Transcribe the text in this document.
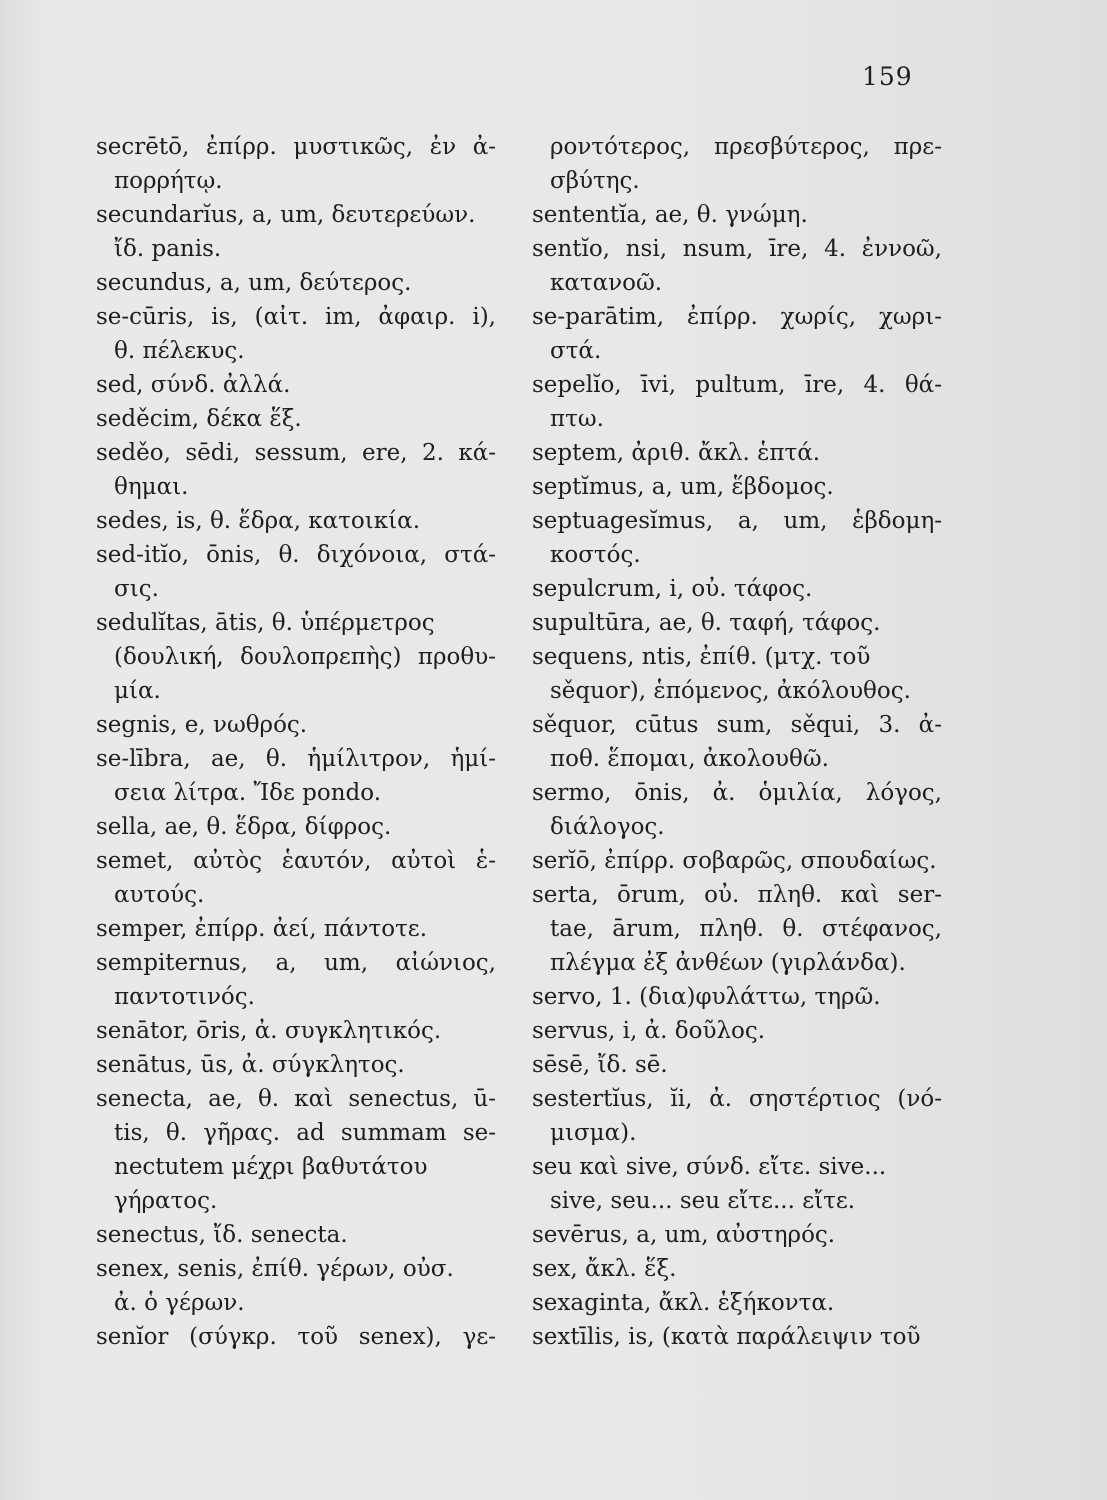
159
secrētō, ἐπίρρ. μυστικῶς, ἐν ἀ-
πορρήτῳ.
secundarĭus, a, um, δευτερεύων.
ἴδ. panis.
secundus, a, um, δεύτερος.
se-cūris, is, (αἰτ. im, ἀφαιρ. i),
θ. πέλεκυς.
sed, σύνδ. ἀλλά.
seděcim, δέκα ἕξ.
seděo, sēdi, sessum, ere, 2. κά-
θημαι.
sedes, is, θ. ἕδρα, κατοικία.
sed-itĭo, ōnis, θ. διχόνοια, στά-
σις.
sedulĭtas, ātis, θ. ὑπέρμετρος
(δουλική, δουλοπρεπὴς) προθυ-
μία.
segnis, e, νωθρός.
se-lībra, ae, θ. ἡμίλιτρον, ἡμί-
σεια λίτρα. Ἴδε pondo.
sella, ae, θ. ἕδρα, δίφρος.
semet, αὐτὸς ἑαυτόν, αὐτοὶ ἑ-
αυτούς.
semper, ἐπίρρ. ἀεί, πάντοτε.
sempiternus, a, um, αἰώνιος,
παντοτινός.
senātor, ōris, ἀ. συγκλητικός.
senātus, ūs, ἀ. σύγκλητος.
senecta, ae, θ. καὶ senectus, ū-
tis, θ. γῆρας. ad summam se-
nectutem μέχρι βαθυτάτου
γήρατος.
senectus, ἴδ. senecta.
senex, senis, ἐπίθ. γέρων, οὐσ.
ἀ. ὁ γέρων.
senĭor (σύγκρ. τοῦ senex), γε-
ροντότερος, πρεσβύτερος, πρε-
σβύτης.
sententĭa, ae, θ. γνώμη.
sentĭo, nsi, nsum, īre, 4. ἐννοῶ,
κατανοῶ.
se-parātim, ἐπίρρ. χωρίς, χωρι-
στά.
sepelĭo, īvi, pultum, īre, 4. θά-
πτω.
septem, ἀριθ. ἄκλ. ἑπτά.
septĭmus, a, um, ἕβδομος.
septuagesĭmus, a, um, ἑβδομη-
κοστός.
sepulcrum, i, οὐ. τάφος.
supultūra, ae, θ. ταφή, τάφος.
sequens, ntis, ἐπίθ. (μτχ. τοῦ
sěquor), ἑπόμενος, ἀκόλουθος.
sěquor, cūtus sum, sěqui, 3. ἀ-
ποθ. ἕπομαι, ἀκολουθῶ.
sermo, ōnis, ἀ. ὁμιλία, λόγος,
διάλογος.
serĭō, ἐπίρρ. σοβαρῶς, σπουδαίως.
serta, ōrum, οὐ. πληθ. καὶ ser-
tae, ārum, πληθ. θ. στέφανος,
πλέγμα ἐξ ἀνθέων (γιρλάνδα).
servo, 1. (δια)φυλάττω, τηρῶ.
servus, i, ἀ. δοῦλος.
sēsē, ἴδ. sē.
sestertĭus, ĭi, ἀ. σηστέρτιος (νό-
μισμα).
seu καὶ sive, σύνδ. εἴτε. sive...
sive, seu... seu εἴτε... εἴτε.
sevērus, a, um, αὐστηρός.
sex, ἄκλ. ἕξ.
sexaginta, ἄκλ. ἑξήκοντα.
sextīlis, is, (κατὰ παράλειψιν τοῦ
